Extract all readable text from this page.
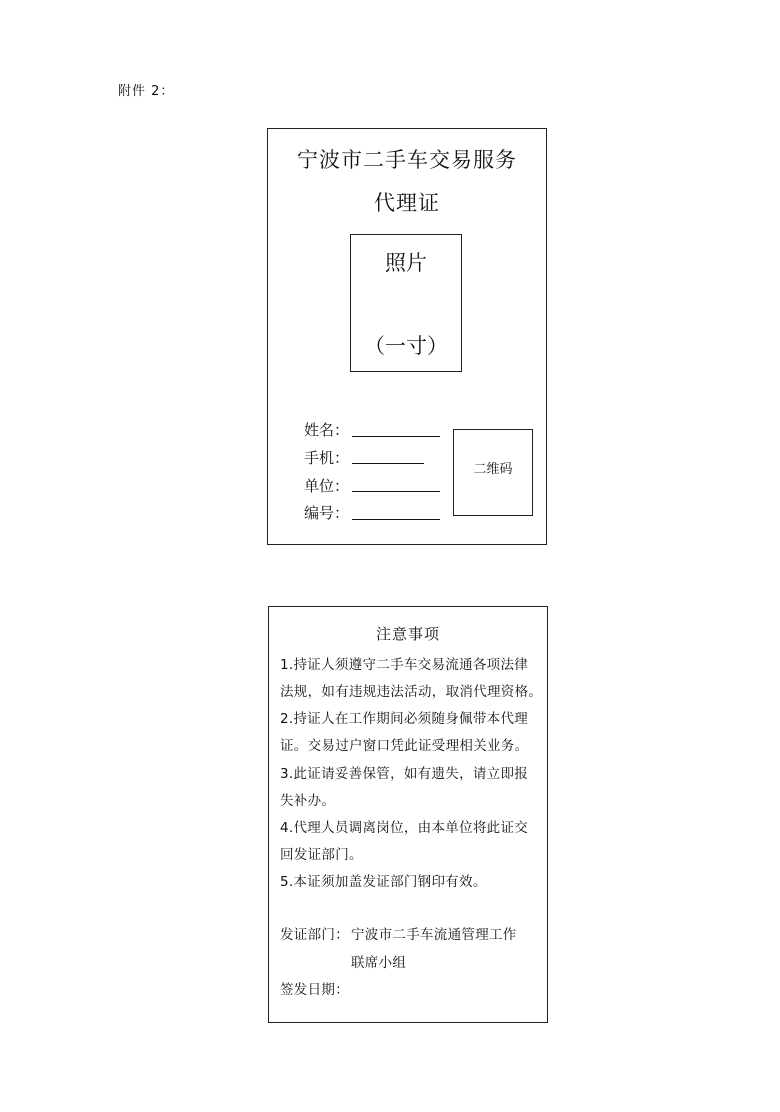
附件 2：
宁波市二手车交易服务
代理证
照片
（一寸）
姓名：
手机：
单位：
编号：
二维码
注意事项
1.持证人须遵守二手车交易流通各项法律
法规，如有违规违法活动，取消代理资格。
2.持证人在工作期间必须随身佩带本代理
证。交易过户窗口凭此证受理相关业务。
3.此证请妥善保管，如有遗失，请立即报
失补办。
4.代理人员调离岗位，由本单位将此证交
回发证部门。
5.本证须加盖发证部门钢印有效。
发证部门： 宁波市二手车流通管理工作
联席小组
签发日期：
